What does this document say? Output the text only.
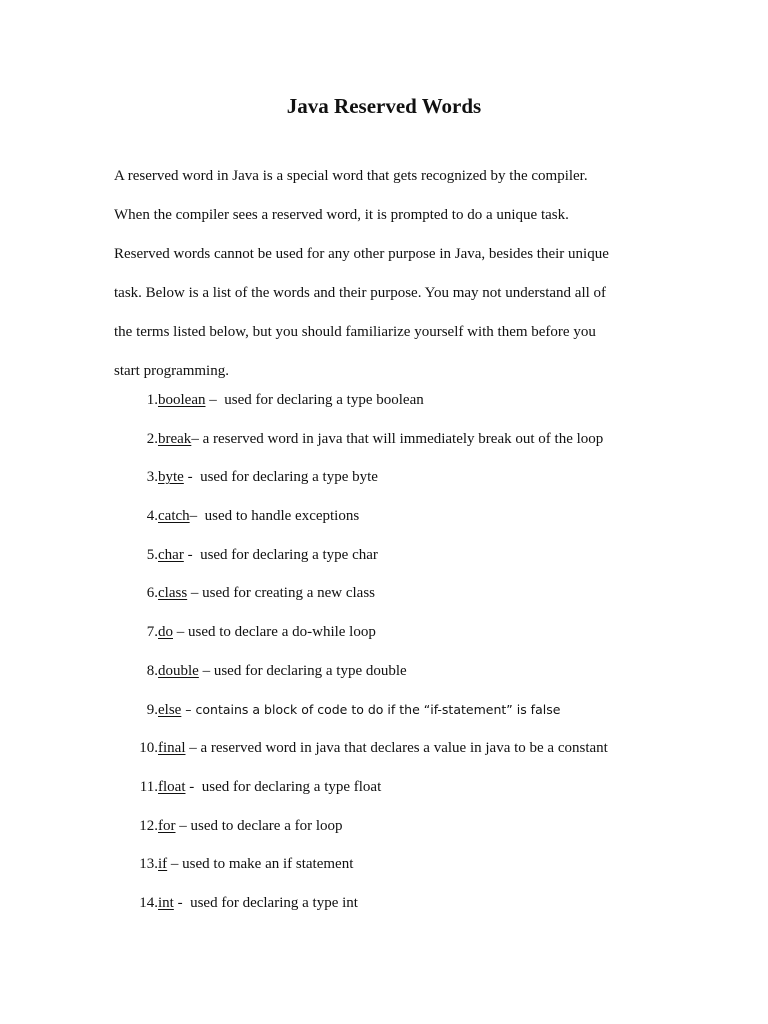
Java Reserved Words
A reserved word in Java is a special word that gets recognized by the compiler.
When the compiler sees a reserved word, it is prompted to do a unique task.
Reserved words cannot be used for any other purpose in Java, besides their unique
task. Below is a list of the words and their purpose. You may not understand all of
the terms listed below, but you should familiarize yourself with them before you
start programming.
1. boolean – used for declaring a type boolean
2. break – a reserved word in java that will immediately break out of the loop
3. byte - used for declaring a type byte
4. catch – used to handle exceptions
5. char - used for declaring a type char
6. class – used for creating a new class
7. do – used to declare a do-while loop
8. double – used for declaring a type double
9. else – contains a block of code to do if the “if-statement” is false
10. final – a reserved word in java that declares a value in java to be a constant
11. float - used for declaring a type float
12. for – used to declare a for loop
13. if – used to make an if statement
14. int - used for declaring a type int
